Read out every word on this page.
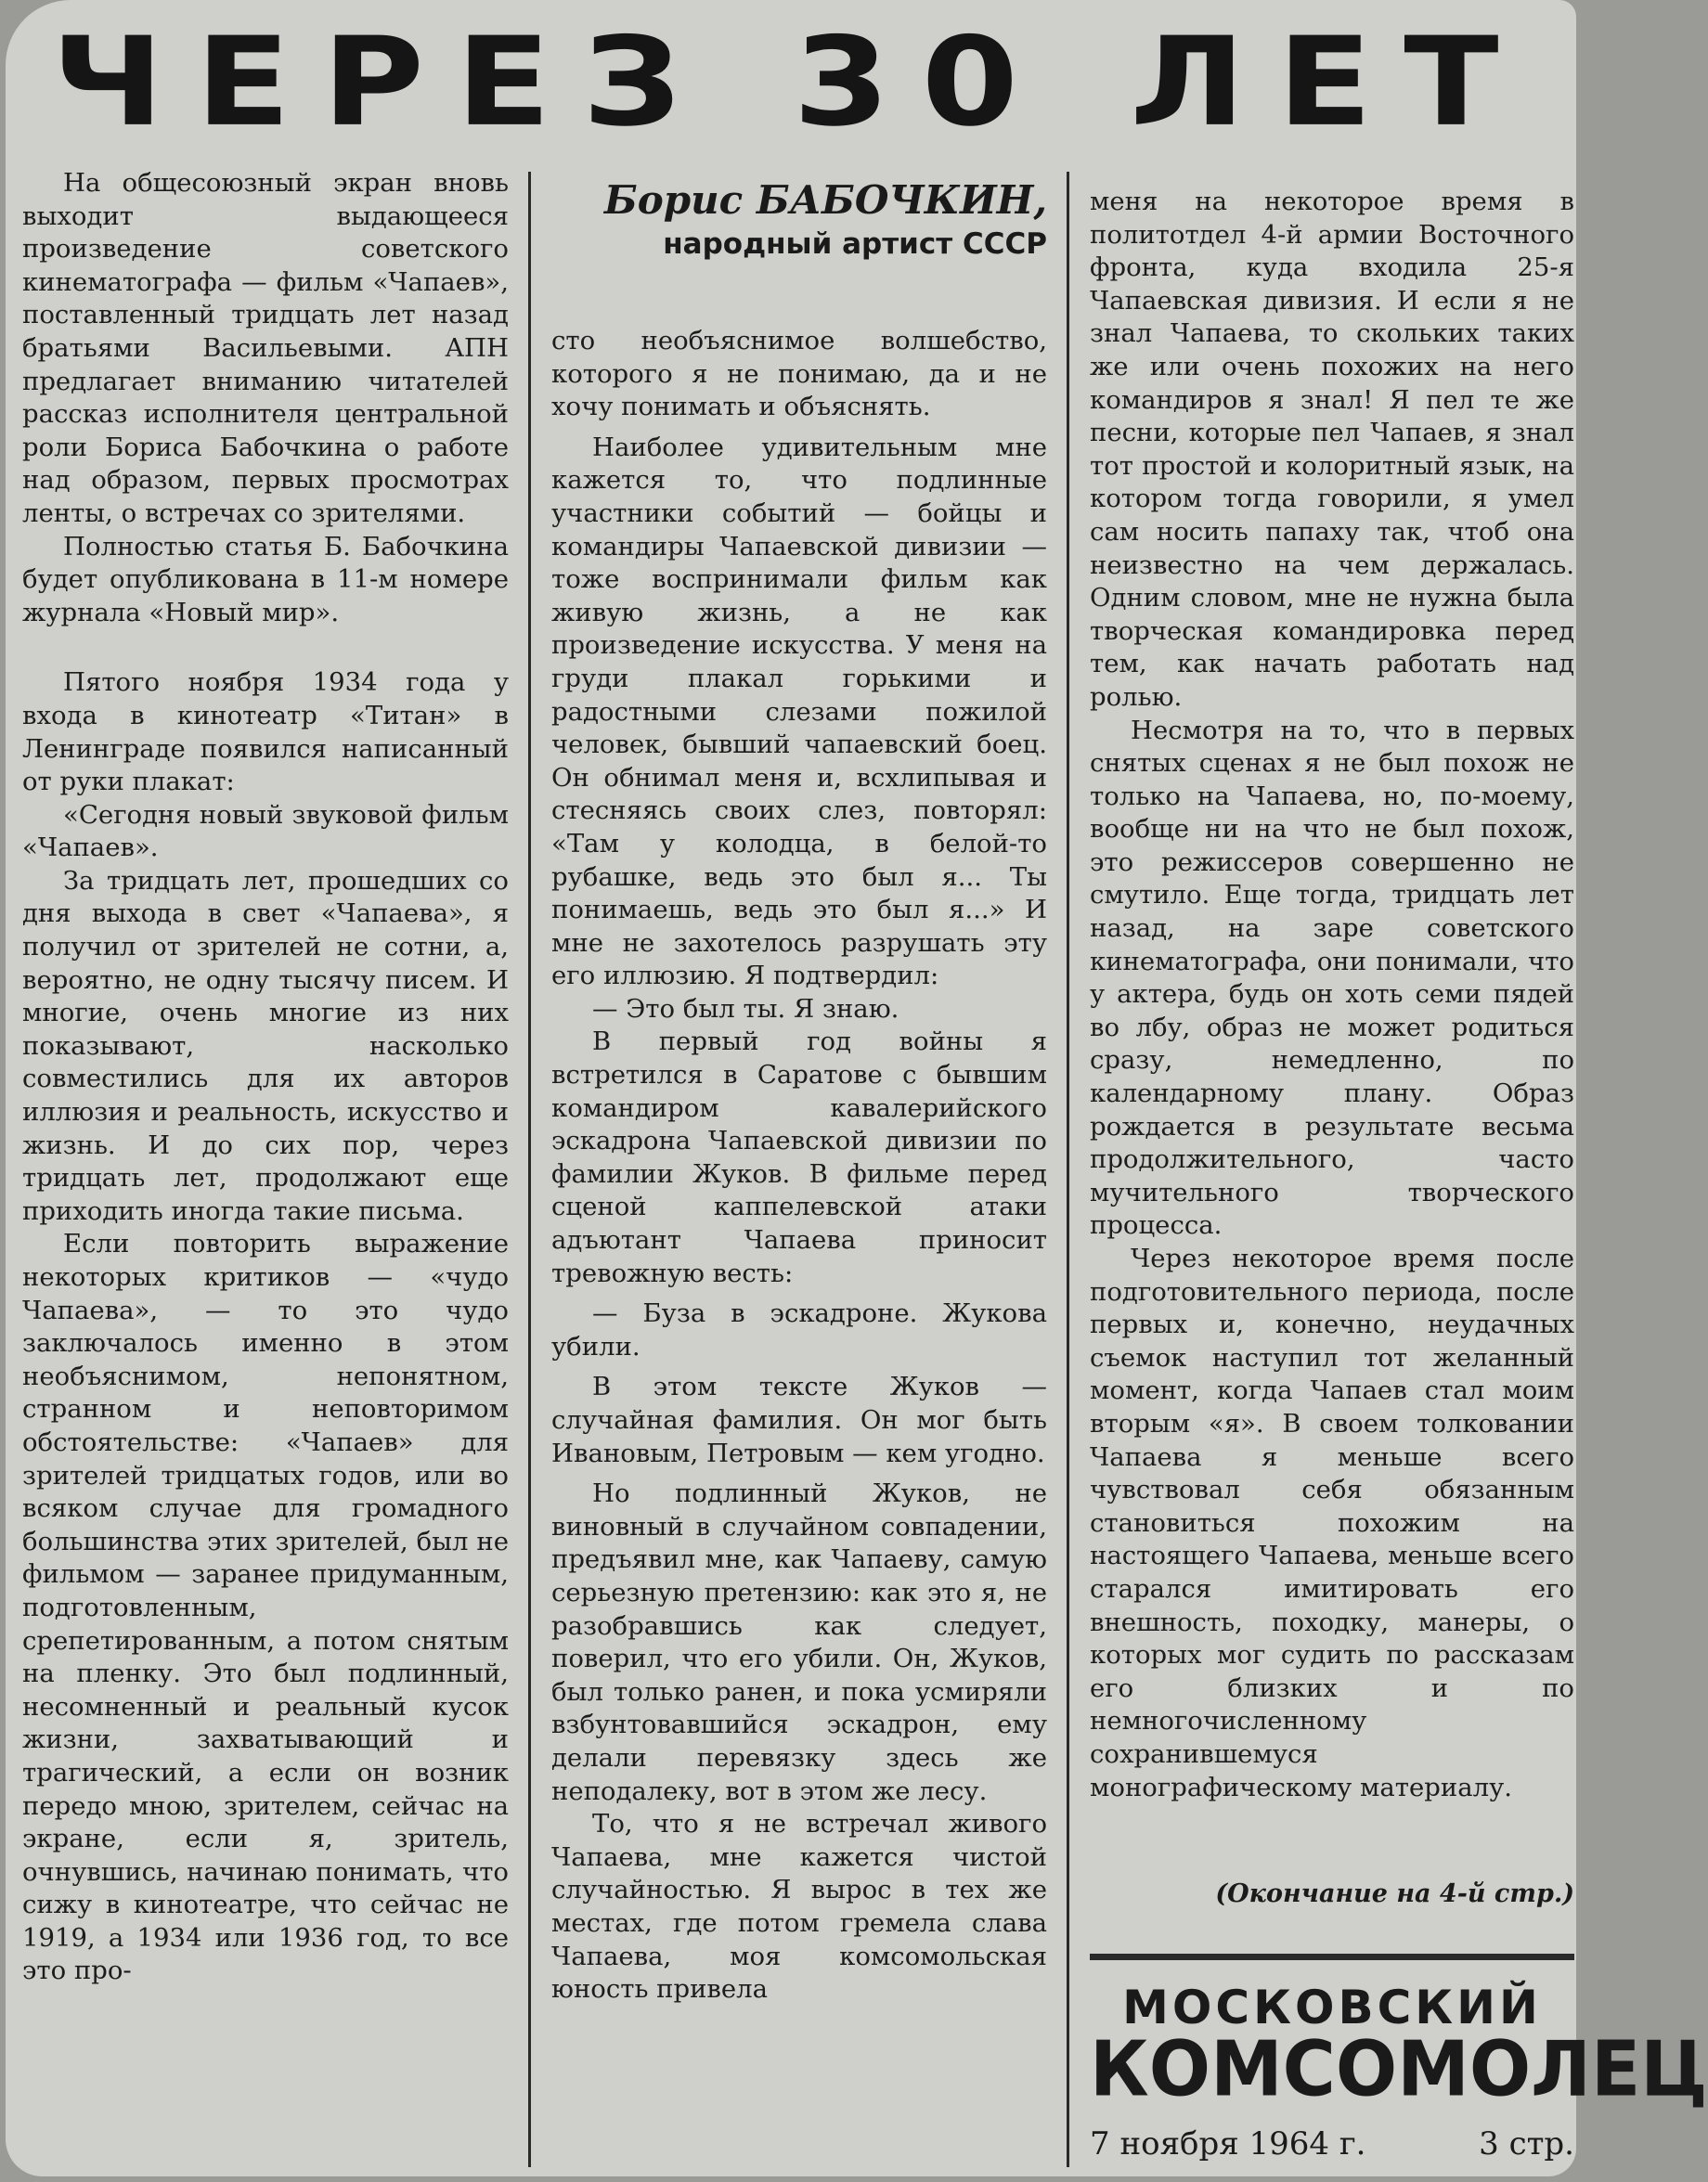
ЧЕРЕЗ 30 ЛЕТ

На общесоюзный экран вновь выходит выдающееся произведение советского кинематографа — фильм «Чапаев», поставленный тридцать лет назад братьями Васильевыми. АПН предлагает вниманию читателей рассказ исполнителя центральной роли Бориса Бабочкина о работе над образом, первых просмотрах ленты, о встречах со зрителями.

Полностью статья Б. Бабочкина будет опубликована в 11-м номере журнала «Новый мир».

Пятого ноября 1934 года у входа в кинотеатр «Титан» в Ленинграде появился написанный от руки плакат:

«Сегодня новый звуковой фильм «Чапаев».

За тридцать лет, прошедших со дня выхода в свет «Чапаева», я получил от зрителей не сотни, а, вероятно, не одну тысячу писем. И многие, очень многие из них показывают, насколько совместились для их авторов иллюзия и реальность, искусство и жизнь. И до сих пор, через тридцать лет, продолжают еще приходить иногда такие письма.

Если повторить выражение некоторых критиков — «чудо Чапаева», — то это чудо заключалось именно в этом необъяснимом, непонятном, странном и неповторимом обстоятельстве: «Чапаев» для зрителей тридцатых годов, или во всяком случае для громадного большинства этих зрителей, был не фильмом — заранее придуманным, подготовленным, срепетированным, а потом снятым на пленку. Это был подлинный, несомненный и реальный кусок жизни, захватывающий и трагический, а если он возник передо мною, зрителем, сейчас на экране, если я, зритель, очнувшись, начинаю понимать, что сижу в кинотеатре, что сейчас не 1919, а 1934 или 1936 год, то все это про-

Борис БАБОЧКИН,
народный артист СССР

сто необъяснимое волшебство, которого я не понимаю, да и не хочу понимать и объяснять.

Наиболее удивительным мне кажется то, что подлинные участники событий — бойцы и командиры Чапаевской дивизии — тоже воспринимали фильм как живую жизнь, а не как произведение искусства. У меня на груди плакал горькими и радостными слезами пожилой человек, бывший чапаевский боец. Он обнимал меня и, всхлипывая и стесняясь своих слез, повторял: «Там у колодца, в белой-то рубашке, ведь это был я... Ты понимаешь, ведь это был я...» И мне не захотелось разрушать эту его иллюзию. Я подтвердил:

— Это был ты. Я знаю.

В первый год войны я встретился в Саратове с бывшим командиром кавалерийского эскадрона Чапаевской дивизии по фамилии Жуков. В фильме перед сценой каппелевской атаки адъютант Чапаева приносит тревожную весть:

— Буза в эскадроне. Жукова убили.

В этом тексте Жуков — случайная фамилия. Он мог быть Ивановым, Петровым — кем угодно.

Но подлинный Жуков, не виновный в случайном совпадении, предъявил мне, как Чапаеву, самую серьезную претензию: как это я, не разобравшись как следует, поверил, что его убили. Он, Жуков, был только ранен, и пока усмиряли взбунтовавшийся эскадрон, ему делали перевязку здесь же неподалеку, вот в этом же лесу.

То, что я не встречал живого Чапаева, мне кажется чистой случайностью. Я вырос в тех же местах, где потом гремела слава Чапаева, моя комсомольская юность привела

меня на некоторое время в политотдел 4-й армии Восточного фронта, куда входила 25-я Чапаевская дивизия. И если я не знал Чапаева, то скольких таких же или очень похожих на него командиров я знал! Я пел те же песни, которые пел Чапаев, я знал тот простой и колоритный язык, на котором тогда говорили, я умел сам носить папаху так, чтоб она неизвестно на чем держалась. Одним словом, мне не нужна была творческая командировка перед тем, как начать работать над ролью.

Несмотря на то, что в первых снятых сценах я не был похож не только на Чапаева, но, по-моему, вообще ни на что не был похож, это режиссеров совершенно не смутило. Еще тогда, тридцать лет назад, на заре советского кинематографа, они понимали, что у актера, будь он хоть семи пядей во лбу, образ не может родиться сразу, немедленно, по календарному плану. Образ рождается в результате весьма продолжительного, часто мучительного творческого процесса.

Через некоторое время после подготовительного периода, после первых и, конечно, неудачных съемок наступил тот желанный момент, когда Чапаев стал моим вторым «я». В своем толковании Чапаева я меньше всего чувствовал себя обязанным становиться похожим на настоящего Чапаева, меньше всего старался имитировать его внешность, походку, манеры, о которых мог судить по рассказам его близких и по немногочисленному сохранившемуся монографическому материалу.

(Окончание на 4-й стр.)
МОСКОВСКИЙ
КОМСОМОЛЕЦ
7 ноября 1964 г.	3 стр.
